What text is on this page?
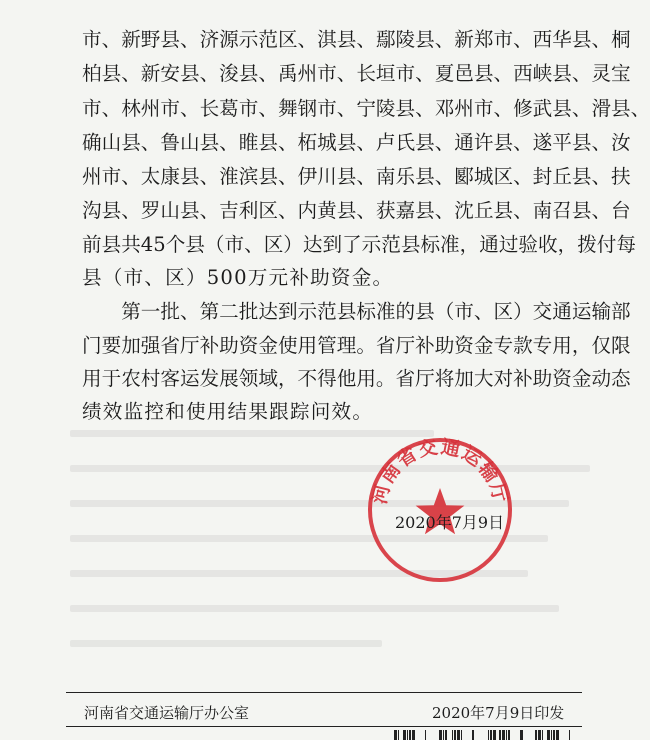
市 、 新 野 县 、 济 源 示 范 区 、 淇 县 、 鄢 陵 县 、 新 郑 市 、 西 华 县 、 桐
柏 县 、 新 安 县 、 浚 县 、 禹 州 市 、 长 垣 市 、 夏 邑 县 、 西 峡 县 、 灵 宝
市 、 林 州 市 、 长 葛 市 、 舞 钢 市 、 宁 陵 县 、 邓 州 市 、 修 武 县 、 滑 县 、
确 山 县 、 鲁 山 县 、 睢 县 、 柘 城 县 、 卢 氏 县 、 通 许 县 、 遂 平 县 、 汝
州 市 、 太 康 县 、 淮 滨 县 、 伊 川 县 、 南 乐 县 、 郾 城 区 、 封 丘 县 、 扶
沟 县 、 罗 山 县 、 吉 利 区 、 内 黄 县 、 获 嘉 县 、 沈 丘 县 、 南 召 县 、 台
前 县 共 4 5 个 县 （ 市 、 区 ） 达 到 了 示 范 县 标 准 ， 通 过 验 收 ， 拨 付 每
县（市、区）500万元补助资金。

第 一 批 、 第 二 批 达 到 示 范 县 标 准 的 县 （ 市 、 区 ） 交 通 运 输 部
门 要 加 强 省 厅 补 助 资 金 使 用 管 理 。 省 厅 补 助 资 金 专 款 专 用 ， 仅 限
用 于 农 村 客 运 发 展 领 域 ， 不 得 他 用 。 省 厅 将 加 大 对 补 助 资 金 动 态
绩效监控和使用结果跟踪问效。
河南省交通运输厅
2020年7月9日
河南省交通运输厅办公室	2020年7月9日印发
